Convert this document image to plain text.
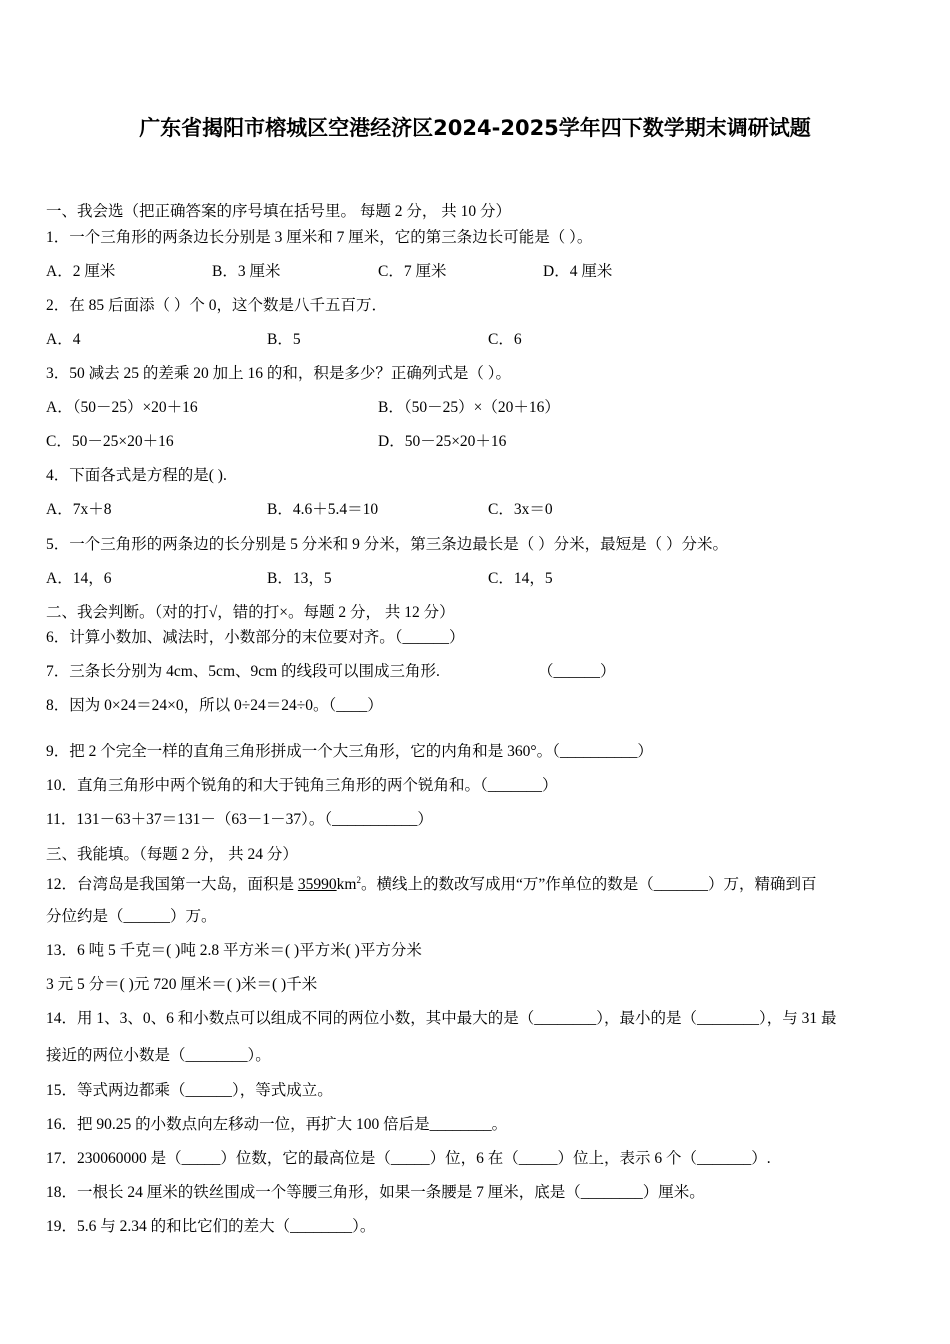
广东省揭阳市榕城区空港经济区2024-2025学年四下数学期末调研试题
一、我会选（把正确答案的序号填在括号里。 每题 2 分， 共 10 分）
1．一个三角形的两条边长分别是 3 厘米和 7 厘米，它的第三条边长可能是（ ）。
A．2 厘米	B．3 厘米	C．7 厘米	D．4 厘米
2．在 85 后面添（ ）个 0，这个数是八千五百万．
A．4	B．5	C．6
3．50 减去 25 的差乘 20 加上 16 的和，积是多少？正确列式是（ ）。
A．（50－25）×20＋16	B．（50－25）×（20＋16）
C．50－25×20＋16	D．50－25×20＋16
4．下面各式是方程的是( ).
A．7x＋8	B．4.6＋5.4＝10	C．3x＝0
5．一个三角形的两条边的长分别是 5 分米和 9 分米，第三条边最长是（ ）分米，最短是（ ）分米。
A．14，6	B．13，5	C．14，5
二、我会判断。（对的打√，错的打×。每题 2 分， 共 12 分）
6．计算小数加、减法时，小数部分的末位要对齐。（______）
7．三条长分别为 4cm、5cm、9cm 的线段可以围成三角形.	（______）
8．因为 0×24＝24×0，所以 0÷24＝24÷0。（____）
9．把 2 个完全一样的直角三角形拼成一个大三角形，它的内角和是 360°。（__________）
10．直角三角形中两个锐角的和大于钝角三角形的两个锐角和。（_______）
11．131－63＋37＝131－（63－1－37）。（___________）
三、我能填。（每题 2 分， 共 24 分）
12．台湾岛是我国第一大岛，面积是 $35990km^2$。横线上的数改写成用“万”作单位的数是（_______）万，精确到百
分位约是（______）万。
13．6 吨 5 千克＝( )吨 2.8 平方米＝( )平方米( )平方分米
3 元 5 分＝( )元 720 厘米＝( )米＝( )千米
14．用 1、3、0、6 和小数点可以组成不同的两位小数，其中最大的是（________），最小的是（________），与 31 最
接近的两位小数是（________）。
15．等式两边都乘（______），等式成立。
16．把 90.25 的小数点向左移动一位，再扩大 100 倍后是________。
17．230060000 是（_____）位数，它的最高位是（_____）位，6 在（_____）位上，表示 6 个（_______）.
18．一根长 24 厘米的铁丝围成一个等腰三角形，如果一条腰是 7 厘米，底是（________）厘米。
19．5.6 与 2.34 的和比它们的差大（________）。
